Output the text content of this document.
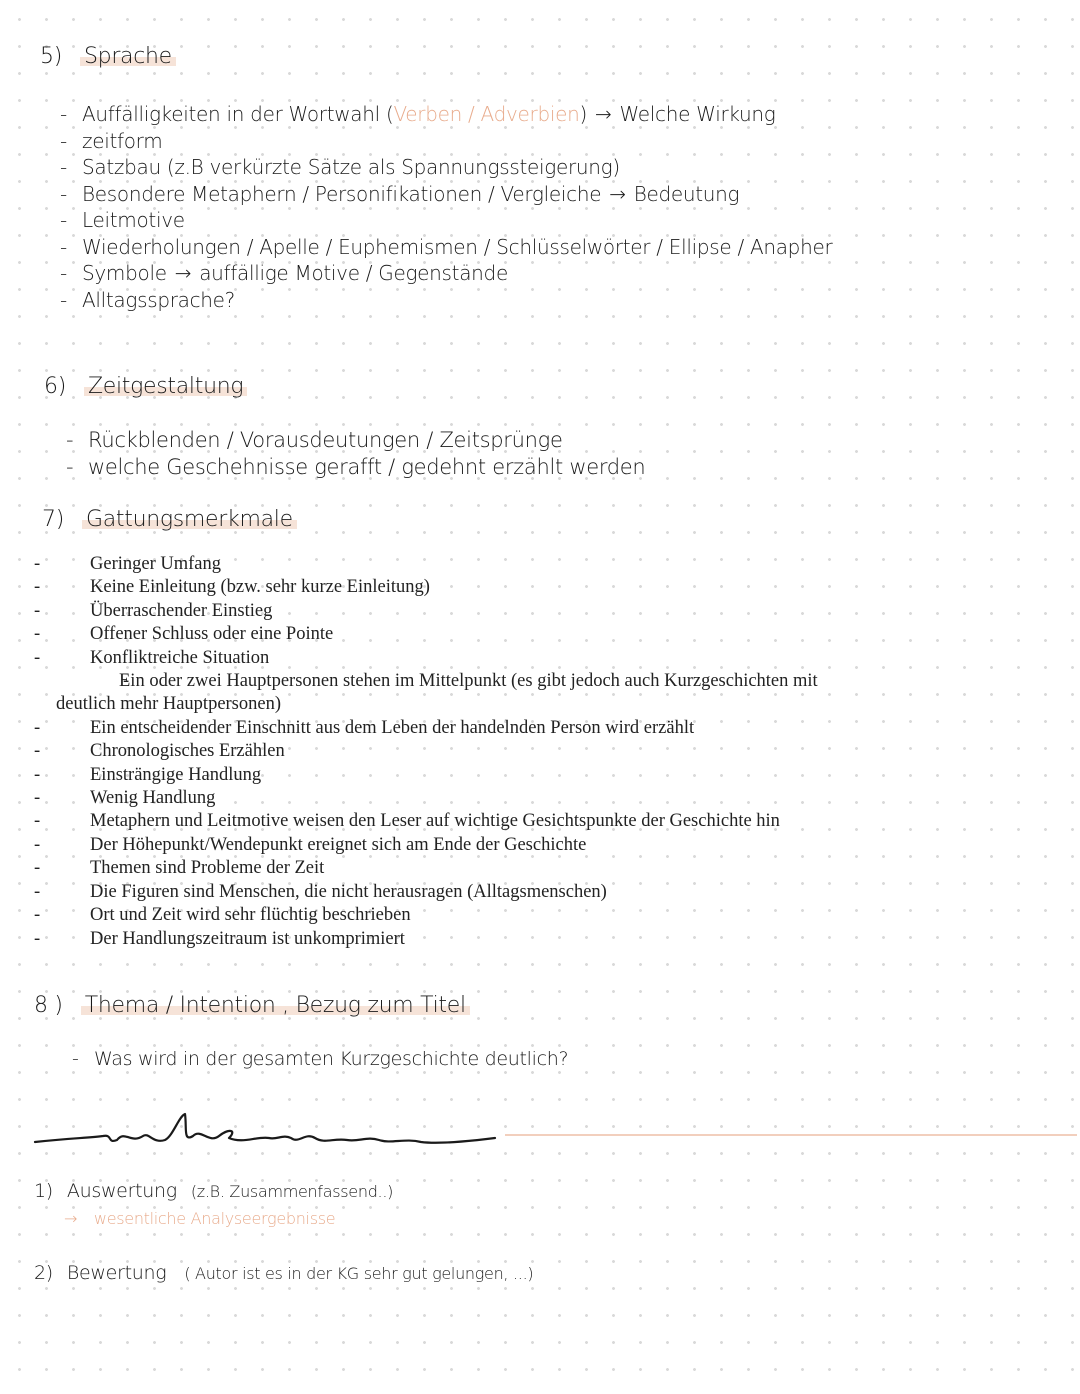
5) Sprache
- Auffälligkeiten in der Wortwahl (Verben / Adverbien) → Welche Wirkung
- zeitform
- Satzbau (z.B verkürzte Sätze als Spannungssteigerung)
- Besondere Metaphern / Personifikationen / Vergleiche → Bedeutung
- Leitmotive
- Wiederholungen / Apelle / Euphemismen / Schlüsselwörter / Ellipse / Anapher
- Symbole → auffällige Motive / Gegenstände
- Alltagssprache?
6) Zeitgestaltung
- Rückblenden / Vorausdeutungen / Zeitsprünge
- welche Geschehnisse gerafft / gedehnt erzählt werden
7) Gattungsmerkmale
- Geringer Umfang
- Keine Einleitung (bzw. sehr kurze Einleitung)
- Überraschender Einstieg
- Offener Schluss oder eine Pointe
- Konfliktreiche Situation
- Ein oder zwei Hauptpersonen stehen im Mittelpunkt (es gibt jedoch auch Kurzgeschichten mit
deutlich mehr Hauptpersonen)
- Ein entscheidender Einschnitt aus dem Leben der handelnden Person wird erzählt
- Chronologisches Erzählen
- Einsträngige Handlung
- Wenig Handlung
- Metaphern und Leitmotive weisen den Leser auf wichtige Gesichtspunkte der Geschichte hin
- Der Höhepunkt/Wendepunkt ereignet sich am Ende der Geschichte
- Themen sind Probleme der Zeit
- Die Figuren sind Menschen, die nicht herausragen (Alltagsmenschen)
- Ort und Zeit wird sehr flüchtig beschrieben
- Der Handlungszeitraum ist unkomprimiert
8 ) Thema / Intention , Bezug zum Titel
- Was wird in der gesamten Kurzgeschichte deutlich?
1) Auswertung (z.B. Zusammenfassend..)
→ wesentliche Analyseergebnisse
2) Bewertung ( Autor ist es in der KG sehr gut gelungen, ...)
